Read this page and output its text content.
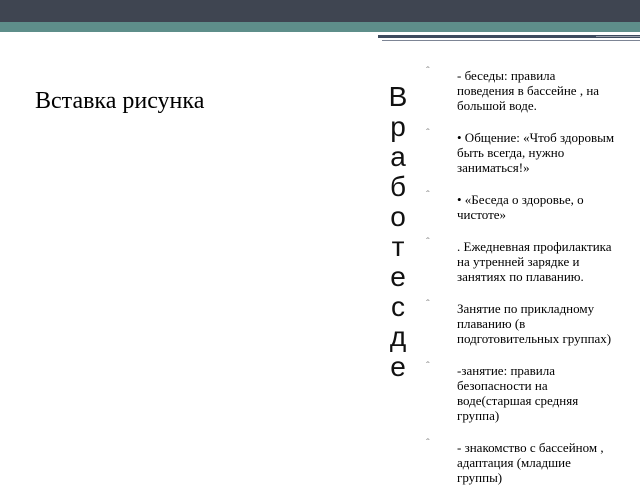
Вставка рисунка	В
р
а
б
о
т
е
с
д
е
ˆ	- беседы: правила поведения в бассейне , на большой воде.
ˆ	• Общение: «Чтоб здоровым быть всегда, нужно заниматься!»
ˆ	• «Беседа о здоровье, о чистоте»
ˆ	. Ежедневная профилактика на утренней зарядке и занятиях по плаванию.
ˆ	Занятие по прикладному плаванию (в подготовительных группах)
ˆ	-занятие: правила безопасности на воде(старшая средняя группа)
ˆ	- знакомство с бассейном , адаптация (младшие группы)
